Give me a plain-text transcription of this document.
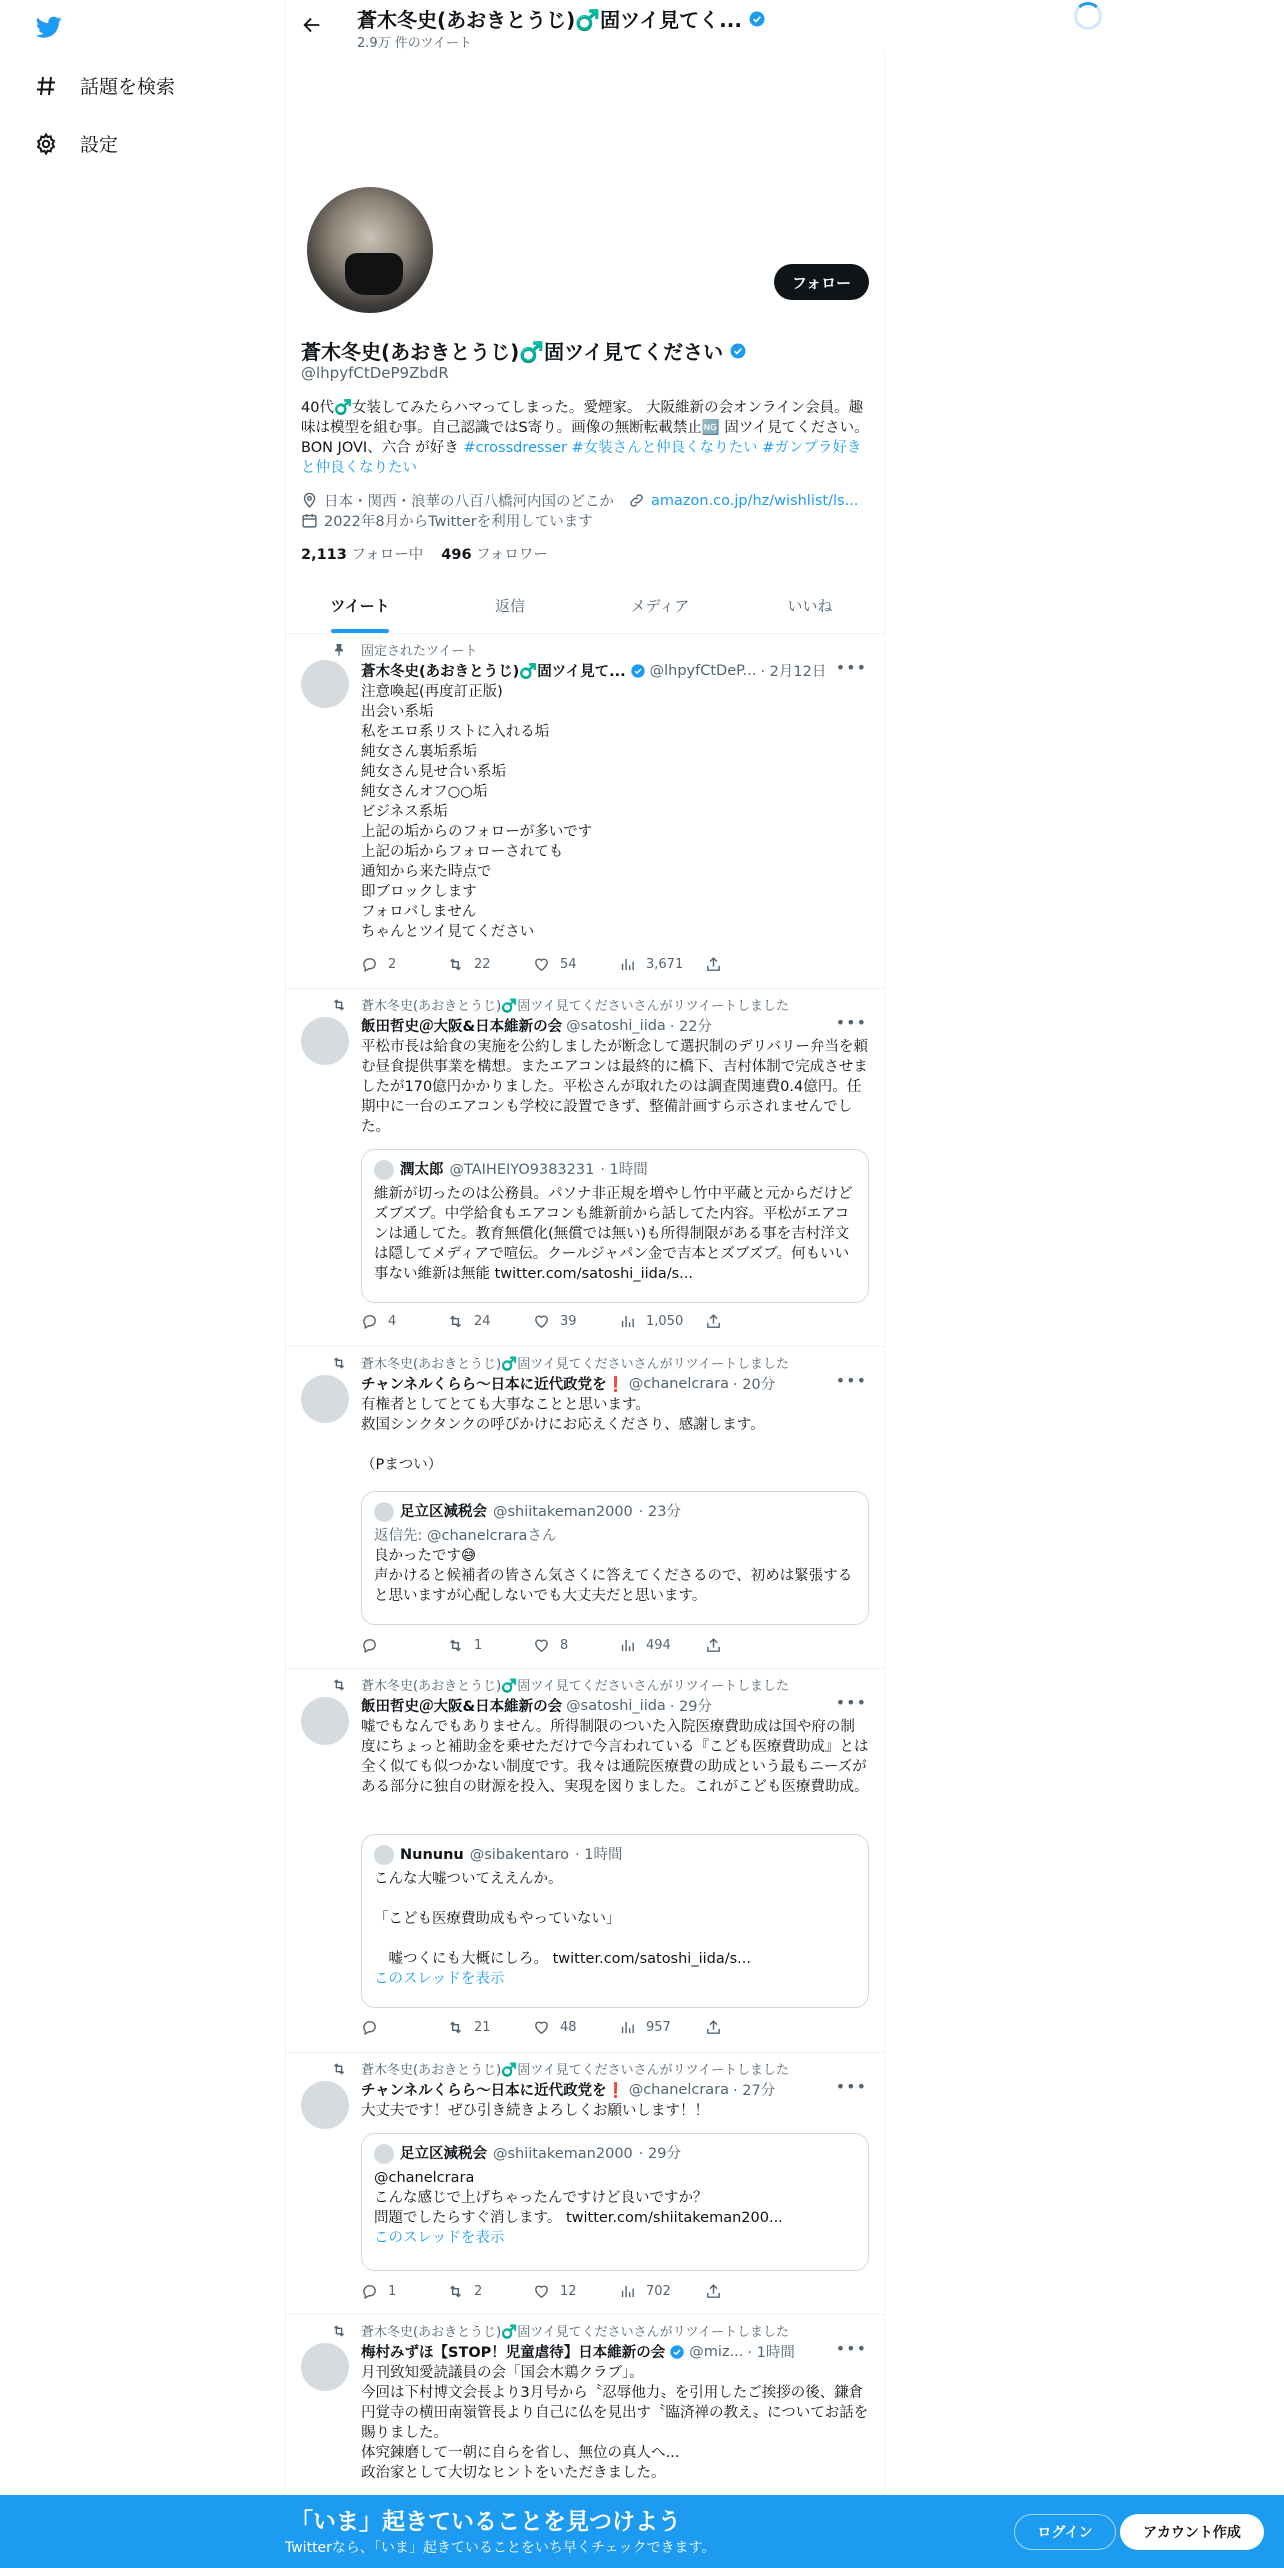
話題を検索
設定
蒼木冬史(あおきとうじ)♂️固ツイ見てく...
2.9万 件のツイート
フォロー
蒼木冬史(あおきとうじ)♂️固ツイ見てください
@lhpyfCtDeP9ZbdR
40代♂️女装してみたらハマってしまった。愛煙家。 大阪維新の会オンライン会員。趣味は模型を組む事。自己認識ではS寄り。画像の無断転載禁止🆖 固ツイ見てください。BON JOVI、六合 が好き #crossdresser #女装さんと仲良くなりたい #ガンプラ好きと仲良くなりたい
日本・関西・浪華の八百八橋河内国のどこか	amazon.co.jp/hz/wishlist/ls...
2022年8月からTwitterを利用しています
2,113 フォロー中 496 フォロワー
ツイート	返信	メディア	いいね
固定されたツイート
蒼木冬史(あおきとうじ)♂️固ツイ見て... @lhpyfCtDeP... · 2月12日 •••
注意喚起(再度訂正版)
出会い系垢
私をエロ系リストに入れる垢
純女さん裏垢系垢
純女さん見せ合い系垢
純女さんオフ○○垢
ビジネス系垢
上記の垢からのフォローが多いです
上記の垢からフォローされても
通知から来た時点で
即ブロックします
フォロバしません
ちゃんとツイ見てください
2	22	54	3,671
蒼木冬史(あおきとうじ)♂️固ツイ見てくださいさんがリツイートしました
飯田哲史＠大阪&日本維新の会 @satoshi_iida · 22分	•••
平松市長は給食の実施を公約しましたが断念して選択制のデリバリー弁当を頼む昼食提供事業を構想。またエアコンは最終的に橋下、吉村体制で完成させましたが170億円かかりました。平松さんが取れたのは調査関連費0.4億円。任期中に一台のエアコンも学校に設置できず、整備計画すら示されませんでした。
潤太郎 @TAIHEIYO9383231 · 1時間
維新が切ったのは公務員。パソナ非正規を増やし竹中平蔵と元からだけどズブズブ。中学給食もエアコンも維新前から話してた内容。平松がエアコンは通してた。教育無償化(無償では無い)も所得制限がある事を吉村洋文は隠してメディアで喧伝。クールジャパン金で吉本とズブズブ。何もいい事ない維新は無能 twitter.com/satoshi_iida/s...
4	24	39	1,050
蒼木冬史(あおきとうじ)♂️固ツイ見てくださいさんがリツイートしました
チャンネルくらら～日本に近代政党を❗️ @chanelcrara · 20分	•••
有権者としてとても大事なことと思います。
救国シンクタンクの呼びかけにお応えくださり、感謝します。

（Pまつい）
足立区減税会 @shiitakeman2000 · 23分
返信先: @chanelcraraさん
良かったです😅
声かけると候補者の皆さん気さくに答えてくださるので、初めは緊張すると思いますが心配しないでも大丈夫だと思います。
1	8	494
蒼木冬史(あおきとうじ)♂️固ツイ見てくださいさんがリツイートしました
飯田哲史＠大阪&日本維新の会 @satoshi_iida · 29分	•••
嘘でもなんでもありません。所得制限のついた入院医療費助成は国や府の制度にちょっと補助金を乗せただけで今言われている『こども医療費助成』とは全く似ても似つかない制度です。我々は通院医療費の助成という最もニーズがある部分に独自の財源を投入、実現を図りました。これがこども医療費助成。
Nununu @sibakentaro · 1時間
こんな大嘘ついてええんか。

「こども医療費助成もやっていない」

　嘘つくにも大概にしろ。 twitter.com/satoshi_iida/s...
このスレッドを表示
21	48	957
蒼木冬史(あおきとうじ)♂️固ツイ見てくださいさんがリツイートしました
チャンネルくらら～日本に近代政党を❗️ @chanelcrara · 27分	•••
大丈夫です！ぜひ引き続きよろしくお願いします！！
足立区減税会 @shiitakeman2000 · 29分
@chanelcrara
こんな感じで上げちゃったんですけど良いですか？
問題でしたらすぐ消します。 twitter.com/shiitakeman200...
このスレッドを表示
1	2	12	702
蒼木冬史(あおきとうじ)♂️固ツイ見てくださいさんがリツイートしました
梅村みずほ【STOP！児童虐待】日本維新の会 @miz... · 1時間	•••
月刊致知愛読議員の会「国会木鶏クラブ」。
今回は下村博文会長より3月号から〝忍辱他力〟を引用したご挨拶の後、鎌倉円覚寺の横田南嶺管長より自己に仏を見出す〝臨済禅の教え〟についてお話を賜りました。
体究錬磨して一朝に自らを省し、無位の真人へ...
政治家として大切なヒントをいただきました。
「いま」起きていることを見つけよう
Twitterなら、「いま」起きていることをいち早くチェックできます。
ログイン	アカウント作成
